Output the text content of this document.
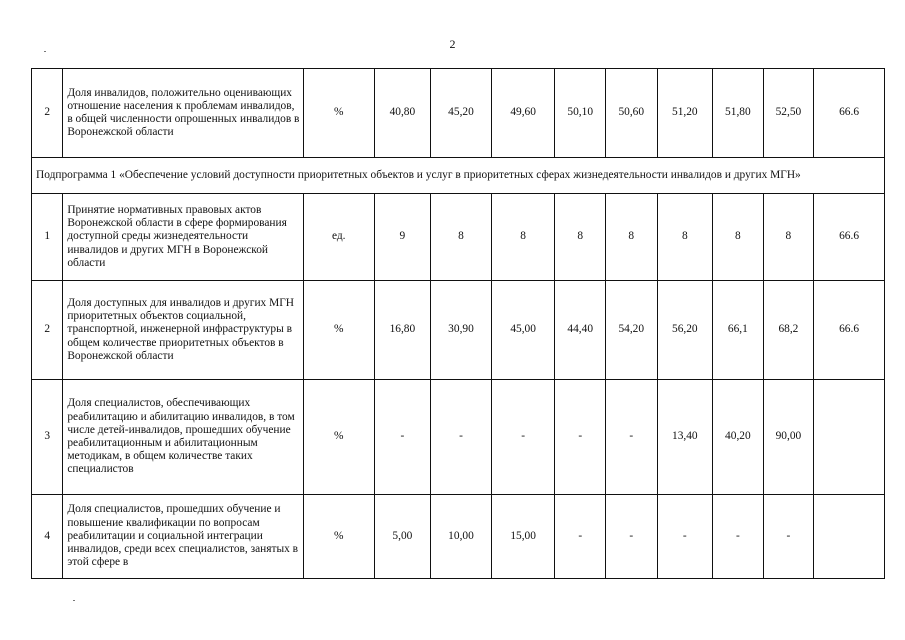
2
2	Доля инвалидов, положительно оценивающих отношение населения к проблемам инвалидов, в общей численности опрошенных инвалидов в Воронежской области	%	40,80	45,20	49,60	50,10	50,60	51,20	51,80	52,50	66.6
Подпрограмма 1 «Обеспечение условий доступности приоритетных объектов и услуг в приоритетных сферах жизнедеятельности инвалидов и других МГН»											
1	Принятие нормативных правовых актов Воронежской области в сфере формирования доступной среды жизнедеятельности инвалидов и других МГН в Воронежской области	ед.	9	8	8	8	8	8	8	8	66.6
2	Доля доступных для инвалидов и других МГН приоритетных объектов социальной, транспортной, инженерной инфраструктуры в общем количестве приоритетных объектов в Воронежской области	%	16,80	30,90	45,00	44,40	54,20	56,20	66,1	68,2	66.6
3	Доля специалистов, обеспечивающих реабилитацию и абилитацию инвалидов, в том числе детей-инвалидов, прошедших обучение реабилитационным и абилитационным методикам, в общем количестве таких специалистов	%	-	-	-	-	-	13,40	40,20	90,00	
4	Доля специалистов, прошедших обучение и повышение квалификации по вопросам реабилитации и социальной интеграции инвалидов, среди всех специалистов, занятых в этой сфере в	%	5,00	10,00	15,00	-	-	-	-	-	
